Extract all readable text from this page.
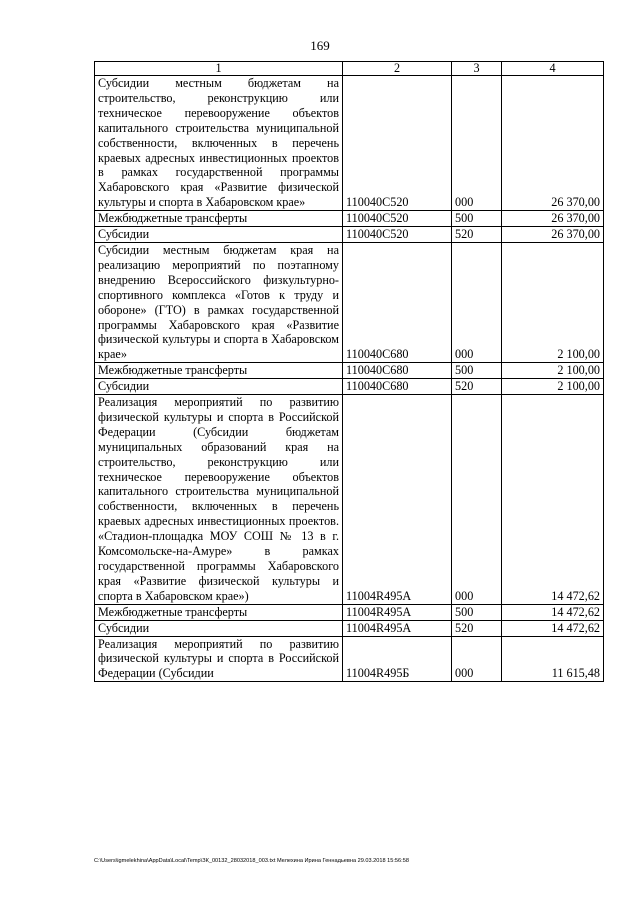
169
1	2	3	4
Субсидии местным бюджетам на строительство, реконструкцию или техническое перевооружение объектов капитального строительства муниципальной собственности, включенных в перечень краевых адресных инвестиционных проектов в рамках государственной программы Хабаровского края «Развитие физической культуры и спорта в Хабаровском крае»	110040С520	000	26 370,00
Межбюджетные трансферты	110040С520	500	26 370,00
Субсидии	110040С520	520	26 370,00
Субсидии местным бюджетам края на реализацию мероприятий по поэтапному внедрению Всероссийского физкультурно-спортивного комплекса «Готов к труду и обороне» (ГТО) в рамках государственной программы Хабаровского края «Развитие физической культуры и спорта в Хабаровском крае»	110040С680	000	2 100,00
Межбюджетные трансферты	110040С680	500	2 100,00
Субсидии	110040С680	520	2 100,00
Реализация мероприятий по развитию физической культуры и спорта в Российской Федерации (Субсидии бюджетам муниципальных образований края на строительство, реконструкцию или техническое перевооружение объектов капитального строительства муниципальной собственности, включенных в перечень краевых адресных инвестиционных проектов. «Стадион-площадка МОУ СОШ № 13 в г. Комсомольске-на-Амуре» в рамках государственной программы Хабаровского края «Развитие физической культуры и спорта в Хабаровском крае»)	11004R495A	000	14 472,62
Межбюджетные трансферты	11004R495A	500	14 472,62
Субсидии	11004R495A	520	14 472,62
Реализация мероприятий по развитию физической культуры и спорта в Российской Федерации (Субсидии	11004R495Б	000	11 615,48
C:\Users\igmelekhina\AppData\Local\Temp\ЗК_00132_28032018_003.txt Мелехина Ирина Геннадьевна 29.03.2018 15:56:58
